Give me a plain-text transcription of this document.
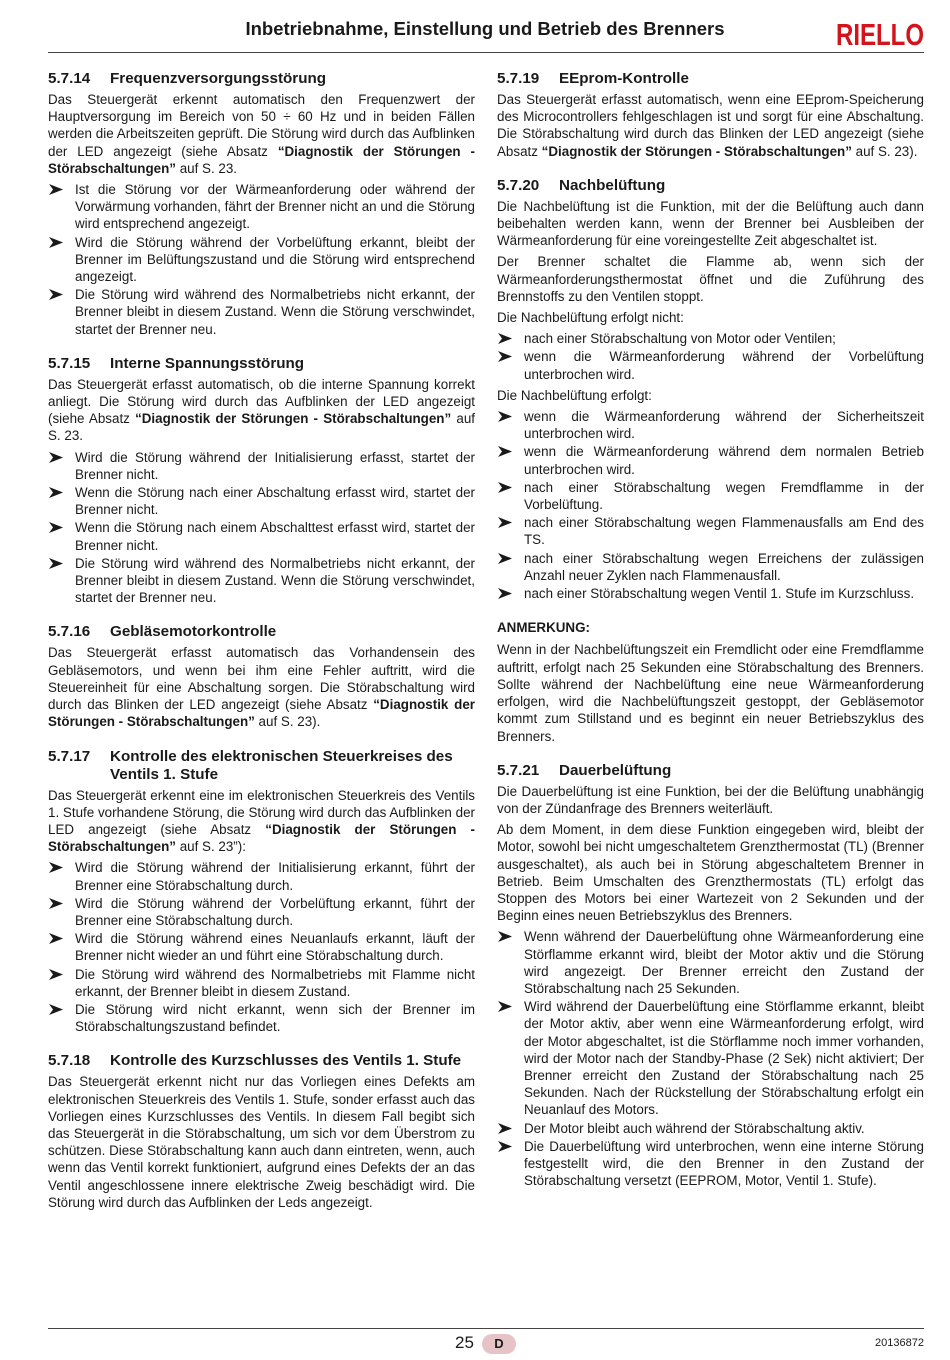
Inbetriebnahme, Einstellung und Betrieb des Brenners	RIELLO
5.7.14	Frequenzversorgungsstörung

Das Steuergerät erkennt automatisch den Frequenzwert der Hauptversorgung im Bereich von 50 ÷ 60 Hz und in beiden Fällen werden die Arbeitszeiten geprüft. Die Störung wird durch das Aufblinken der LED angezeigt (siehe Absatz “Diagnostik der Störungen - Störabschaltungen” auf S. 23.

Ist die Störung vor der Wärmeanforderung oder während der Vorwärmung vorhanden, fährt der Brenner nicht an und die Störung wird entsprechend angezeigt.
Wird die Störung während der Vorbelüftung erkannt, bleibt der Brenner im Belüftungszustand und die Störung wird entsprechend angezeigt.
Die Störung wird während des Normalbetriebs nicht erkannt, der Brenner bleibt in diesem Zustand. Wenn die Störung verschwindet, startet der Brenner neu.
5.7.15	Interne Spannungsstörung

Das Steuergerät erfasst automatisch, ob die interne Spannung korrekt anliegt. Die Störung wird durch das Aufblinken der LED angezeigt (siehe Absatz “Diagnostik der Störungen - Störabschaltungen” auf S. 23.

Wird die Störung während der Initialisierung erfasst, startet der Brenner nicht.
Wenn die Störung nach einer Abschaltung erfasst wird, startet der Brenner nicht.
Wenn die Störung nach einem Abschalttest erfasst wird, startet der Brenner nicht.
Die Störung wird während des Normalbetriebs nicht erkannt, der Brenner bleibt in diesem Zustand. Wenn die Störung verschwindet, startet der Brenner neu.
5.7.16	Gebläsemotorkontrolle

Das Steuergerät erfasst automatisch das Vorhandensein des Gebläsemotors, und wenn bei ihm eine Fehler auftritt, wird die Steuereinheit für eine Abschaltung sorgen. Die Störabschaltung wird durch das Blinken der LED angezeigt (siehe Absatz “Diagnostik der Störungen - Störabschaltungen” auf S. 23).

5.7.17	Kontrolle des elektronischen Steuerkreises des Ventils 1. Stufe

Das Steuergerät erkennt eine im elektronischen Steuerkreis des Ventils 1. Stufe vorhandene Störung, die Störung wird durch das Aufblinken der LED angezeigt (siehe Absatz “Diagnostik der Störungen - Störabschaltungen” auf S. 23”):

Wird die Störung während der Initialisierung erkannt, führt der Brenner eine Störabschaltung durch.
Wird die Störung während der Vorbelüftung erkannt, führt der Brenner eine Störabschaltung durch.
Wird die Störung während eines Neuanlaufs erkannt, läuft der Brenner nicht wieder an und führt eine Störabschaltung durch.
Die Störung wird während des Normalbetriebs mit Flamme nicht erkannt, der Brenner bleibt in diesem Zustand.
Die Störung wird nicht erkannt, wenn sich der Brenner im Störabschaltungszustand befindet.
5.7.18	Kontrolle des Kurzschlusses des Ventils 1. Stufe

Das Steuergerät erkennt nicht nur das Vorliegen eines Defekts am elektronischen Steuerkreis des Ventils 1. Stufe, sonder erfasst auch das Vorliegen eines Kurzschlusses des Ventils. In diesem Fall begibt sich das Steuergerät in die Störabschaltung, um sich vor dem Überstrom zu schützen. Diese Störabschaltung kann auch dann eintreten, wenn, auch wenn das Ventil korrekt funktioniert, aufgrund eines Defekts der an das Ventil angeschlossene innere elektrische Zweig beschädigt wird. Die Störung wird durch das Aufblinken der Leds angezeigt.

5.7.19	EEprom-Kontrolle

Das Steuergerät erfasst automatisch, wenn eine EEprom-Speicherung des Microcontrollers fehlgeschlagen ist und sorgt für eine Abschaltung. Die Störabschaltung wird durch das Blinken der LED angezeigt (siehe Absatz “Diagnostik der Störungen - Störabschaltungen” auf S. 23).

5.7.20	Nachbelüftung

Die Nachbelüftung ist die Funktion, mit der die Belüftung auch dann beibehalten werden kann, wenn der Brenner bei Ausbleiben der Wärmeanforderung für eine voreingestellte Zeit abgeschaltet ist.

Der Brenner schaltet die Flamme ab, wenn sich der Wärmeanforderungsthermostat öffnet und die Zuführung des Brennstoffs zu den Ventilen stoppt.

Die Nachbelüftung erfolgt nicht:

nach einer Störabschaltung von Motor oder Ventilen;
wenn die Wärmeanforderung während der Vorbelüftung unterbrochen wird.

Die Nachbelüftung erfolgt:

wenn die Wärmeanforderung während der Sicherheitszeit unterbrochen wird.
wenn die Wärmeanforderung während dem normalen Betrieb unterbrochen wird.
nach einer Störabschaltung wegen Fremdflamme in der Vorbelüftung.
nach einer Störabschaltung wegen Flammenausfalls am End des TS.
nach einer Störabschaltung wegen Erreichens der zulässigen Anzahl neuer Zyklen nach Flammenausfall.
nach einer Störabschaltung wegen Ventil 1. Stufe im Kurzschluss.
ANMERKUNG:

Wenn in der Nachbelüftungszeit ein Fremdlicht oder eine Fremdflamme auftritt, erfolgt nach 25 Sekunden eine Störabschaltung des Brenners. Sollte während der Nachbelüftung eine neue Wärmeanforderung erfolgen, wird die Nachbelüftungszeit gestoppt, der Gebläsemotor kommt zum Stillstand und es beginnt ein neuer Betriebszyklus des Brenners.

5.7.21	Dauerbelüftung

Die Dauerbelüftung ist eine Funktion, bei der die Belüftung unabhängig von der Zündanfrage des Brenners weiterläuft.

Ab dem Moment, in dem diese Funktion eingegeben wird, bleibt der Motor, sowohl bei nicht umgeschaltetem Grenzthermostat (TL) (Brenner ausgeschaltet), als auch bei in Störung abgeschaltetem Brenner in Betrieb. Beim Umschalten des Grenzthermostats (TL) erfolgt das Stoppen des Motors bei einer Wartezeit von 2 Sekunden und der Beginn eines neuen Betriebszyklus des Brenners.

Wenn während der Dauerbelüftung ohne Wärmeanforderung eine Störflamme erkannt wird, bleibt der Motor aktiv und die Störung wird angezeigt. Der Brenner erreicht den Zustand der Störabschaltung nach 25 Sekunden.
Wird während der Dauerbelüftung eine Störflamme erkannt, bleibt der Motor aktiv, aber wenn eine Wärmeanforderung erfolgt, wird der Motor abgeschaltet, ist die Störflamme noch immer vorhanden, wird der Motor nach der Standby-Phase (2 Sek) nicht aktiviert; Der Brenner erreicht den Zustand der Störabschaltung nach 25 Sekunden. Nach der Rückstellung der Störabschaltung erfolgt ein Neuanlauf des Motors.
Der Motor bleibt auch während der Störabschaltung aktiv.
Die Dauerbelüftung wird unterbrochen, wenn eine interne Störung festgestellt wird, die den Brenner in den Zustand der Störabschaltung versetzt (EEPROM, Motor, Ventil 1. Stufe).
25	D	20136872
